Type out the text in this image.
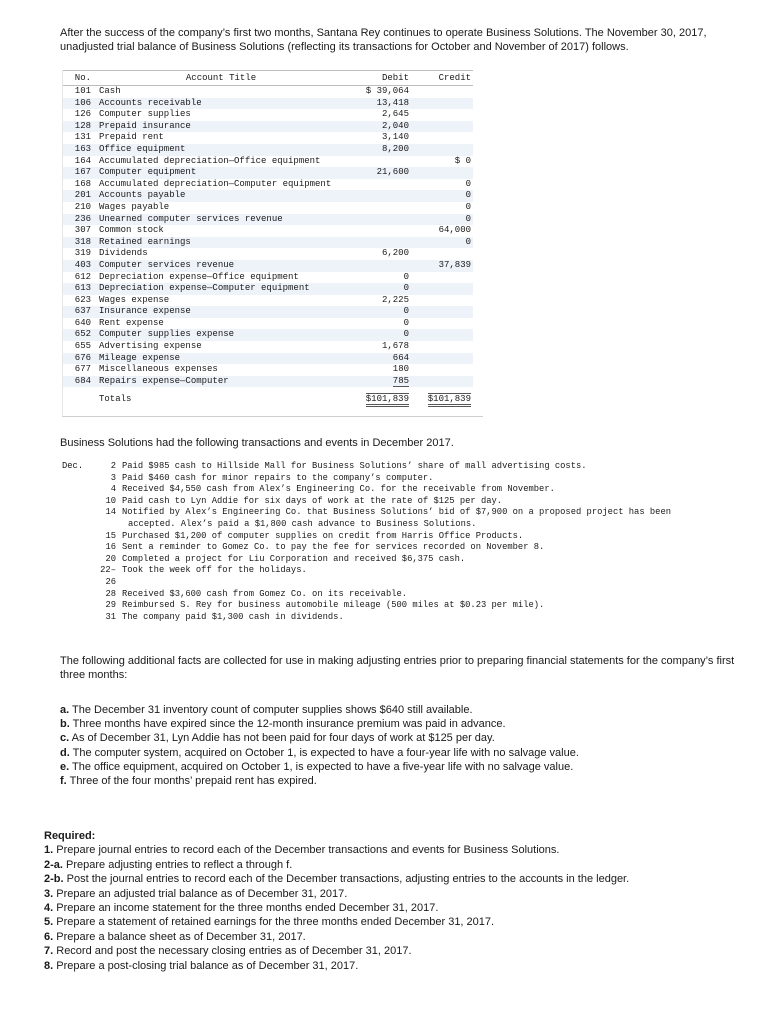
After the success of the company’s first two months, Santana Rey continues to operate Business Solutions. The November 30, 2017, unadjusted trial balance of Business Solutions (reflecting its transactions for October and November of 2017) follows.

No.	Account Title	Debit	Credit
101	Cash	$ 39,064	
106	Accounts receivable	13,418	
126	Computer supplies	2,645	
128	Prepaid insurance	2,040	
131	Prepaid rent	3,140	
163	Office equipment	8,200	
164	Accumulated depreciation—Office equipment		$ 0
167	Computer equipment	21,600	
168	Accumulated depreciation—Computer equipment		0
201	Accounts payable		0
210	Wages payable		0
236	Unearned computer services revenue		0
307	Common stock		64,000
318	Retained earnings		0
319	Dividends	6,200	
403	Computer services revenue		37,839
612	Depreciation expense—Office equipment	0	
613	Depreciation expense—Computer equipment	0	
623	Wages expense	2,225	
637	Insurance expense	0	
640	Rent expense	0	
652	Computer supplies expense	0	
655	Advertising expense	1,678	
676	Mileage expense	664	
677	Miscellaneous expenses	180	
684	Repairs expense—Computer	785	
	Totals	$101,839	$101,839

Business Solutions had the following transactions and events in December 2017.

Dec.	2 Paid $985 cash to Hillside Mall for Business Solutions’ share of mall advertising costs.
3 Paid $460 cash for minor repairs to the company’s computer.
4 Received $4,550 cash from Alex’s Engineering Co. for the receivable from November.
10 Paid cash to Lyn Addie for six days of work at the rate of $125 per day.
14 Notified by Alex’s Engineering Co. that Business Solutions’ bid of $7,900 on a proposed project has been
accepted. Alex’s paid a $1,800 cash advance to Business Solutions.
15 Purchased $1,200 of computer supplies on credit from Harris Office Products.
16 Sent a reminder to Gomez Co. to pay the fee for services recorded on November 8.
20 Completed a project for Liu Corporation and received $6,375 cash.
22– Took the week off for the holidays.
26
28 Received $3,600 cash from Gomez Co. on its receivable.
29 Reimbursed S. Rey for business automobile mileage (500 miles at $0.23 per mile).
31 The company paid $1,300 cash in dividends.

The following additional facts are collected for use in making adjusting entries prior to preparing financial statements for the company’s first three months:

a. The December 31 inventory count of computer supplies shows $640 still available.
b. Three months have expired since the 12-month insurance premium was paid in advance.
c. As of December 31, Lyn Addie has not been paid for four days of work at $125 per day.
d. The computer system, acquired on October 1, is expected to have a four-year life with no salvage value.
e. The office equipment, acquired on October 1, is expected to have a five-year life with no salvage value.
f. Three of the four months’ prepaid rent has expired.
Required:
1. Prepare journal entries to record each of the December transactions and events for Business Solutions.
2-a. Prepare adjusting entries to reflect a through f.
2-b. Post the journal entries to record each of the December transactions, adjusting entries to the accounts in the ledger.
3. Prepare an adjusted trial balance as of December 31, 2017.
4. Prepare an income statement for the three months ended December 31, 2017.
5. Prepare a statement of retained earnings for the three months ended December 31, 2017.
6. Prepare a balance sheet as of December 31, 2017.
7. Record and post the necessary closing entries as of December 31, 2017.
8. Prepare a post-closing trial balance as of December 31, 2017.
